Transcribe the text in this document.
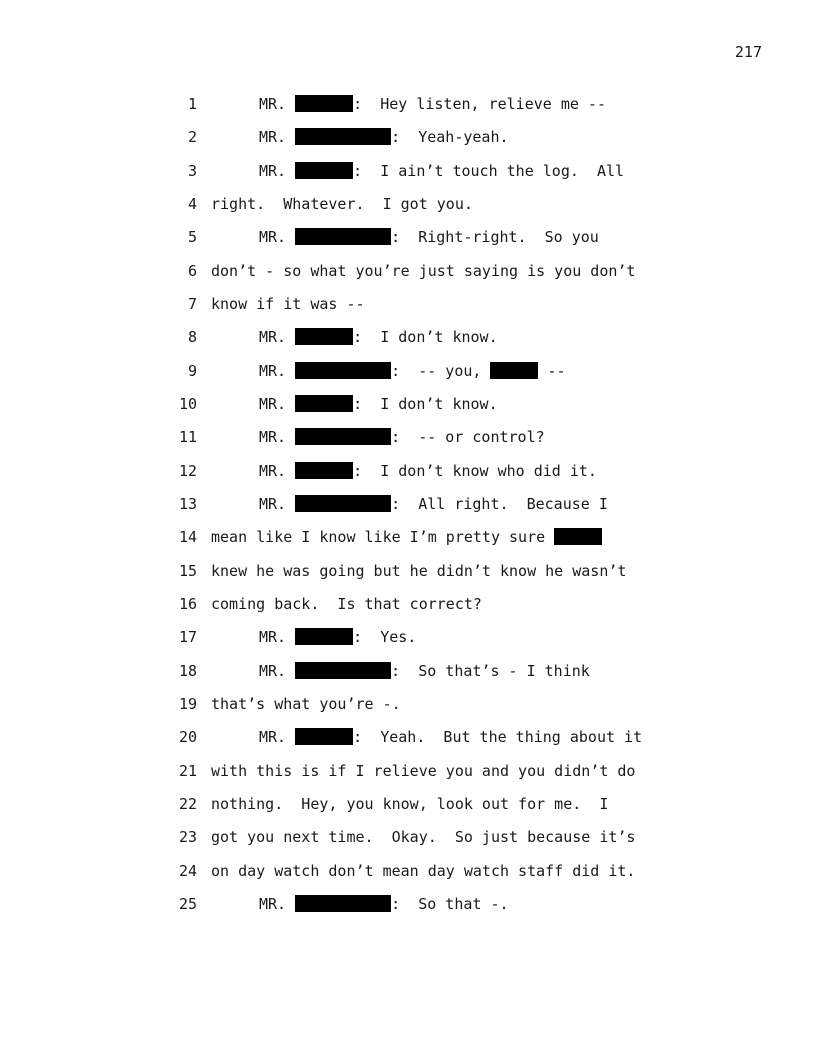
217
1	MR.	:  Hey listen, relieve me --
2	MR.	:  Yeah-yeah.
3	MR.	:  I ain’t touch the log.  All
4 right.  Whatever.  I got you.
5	MR.	:  Right-right.  So you
6 don’t - so what you’re just saying is you don’t
7 know if it was --
8	MR.	:  I don’t know.
9	MR.	:  -- you,	--
10	MR.	:  I don’t know.
11	MR.	:  -- or control?
12	MR.	:  I don’t know who did it.
13	MR.	:  All right.  Because I
14 mean like I know like I’m pretty sure
15 knew he was going but he didn’t know he wasn’t
16 coming back.  Is that correct?
17	MR.	:  Yes.
18	MR.	:  So that’s - I think
19 that’s what you’re -.
20	MR.	:  Yeah.  But the thing about it
21 with this is if I relieve you and you didn’t do
22 nothing.  Hey, you know, look out for me.  I
23 got you next time.  Okay.  So just because it’s
24 on day watch don’t mean day watch staff did it.
25	MR.	:  So that -.
